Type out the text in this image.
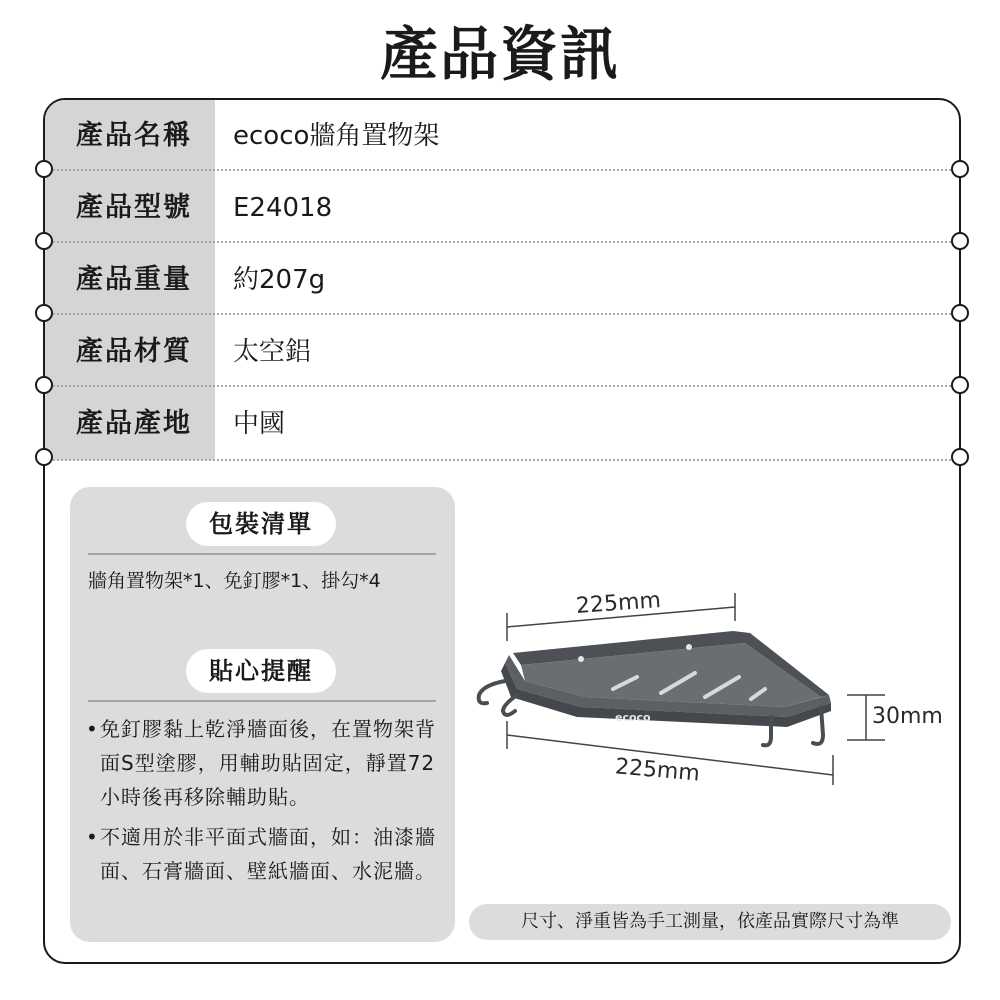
產品資訊
產品名稱	ecoco牆角置物架
產品型號	E24018
產品重量	約207g
產品材質	太空鋁
產品產地	中國
包裝清單
牆角置物架*1、免釘膠*1、掛勾*4
貼心提醒
• 免釘膠黏上乾淨牆面後，在置物架背面S型塗膠，用輔助貼固定，靜置72小時後再移除輔助貼。
• 不適用於非平面式牆面，如：油漆牆面、石膏牆面、壁紙牆面、水泥牆。
ecoco
225mm
225mm
30mm
尺寸、淨重皆為手工測量，依產品實際尺寸為準
